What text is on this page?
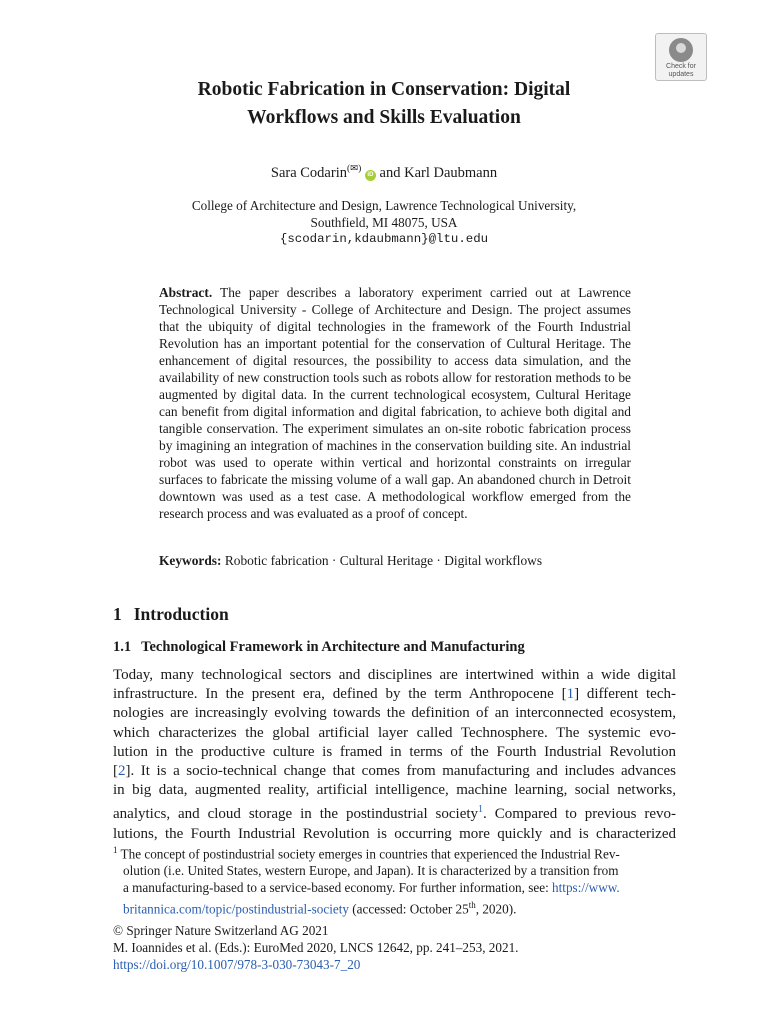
Check for
updates
Robotic Fabrication in Conservation: Digital
Workflows and Skills Evaluation
Sara Codarin(✉) iD and Karl Daubmann
College of Architecture and Design, Lawrence Technological University,
Southfield, MI 48075, USA
{scodarin,kdaubmann}@ltu.edu
Abstract. The paper describes a laboratory experiment carried out at Lawrence Technological University - College of Architecture and Design. The project assumes that the ubiquity of digital technologies in the framework of the Fourth Industrial Revolution has an important potential for the conservation of Cultural Heritage. The enhancement of digital resources, the possibility to access data simulation, and the availability of new construction tools such as robots allow for restoration methods to be augmented by digital data. In the current technological ecosystem, Cultural Heritage can benefit from digital information and digital fabrication, to achieve both digital and tangible conservation. The experiment simulates an on-site robotic fabrication process by imagining an integration of machines in the conservation building site. An industrial robot was used to operate within vertical and horizontal constraints on irregular surfaces to fabricate the missing volume of a wall gap. An abandoned church in Detroit downtown was used as a test case. A methodological workflow emerged from the research process and was evaluated as a proof of concept.
Keywords: Robotic fabrication · Cultural Heritage · Digital workflows
1 Introduction
1.1 Technological Framework in Architecture and Manufacturing
Today, many technological sectors and disciplines are intertwined within a wide digital
infrastructure. In the present era, defined by the term Anthropocene [1] different tech-
nologies are increasingly evolving towards the definition of an interconnected ecosystem,
which characterizes the global artificial layer called Technosphere. The systemic evo-
lution in the productive culture is framed in terms of the Fourth Industrial Revolution
[2]. It is a socio-technical change that comes from manufacturing and includes advances
in big data, augmented reality, artificial intelligence, machine learning, social networks,
analytics, and cloud storage in the postindustrial society$^1$. Compared to previous revo-
lutions, the Fourth Industrial Revolution is occurring more quickly and is characterized
$^1$ The concept of postindustrial society emerges in countries that experienced the Industrial Rev-
olution (i.e. United States, western Europe, and Japan). It is characterized by a transition from
a manufacturing-based to a service-based economy. For further information, see: https://www.
britannica.com/topic/postindustrial-society (accessed: October 25th, 2020).
© Springer Nature Switzerland AG 2021
M. Ioannides et al. (Eds.): EuroMed 2020, LNCS 12642, pp. 241–253, 2021.
https://doi.org/10.1007/978-3-030-73043-7_20
